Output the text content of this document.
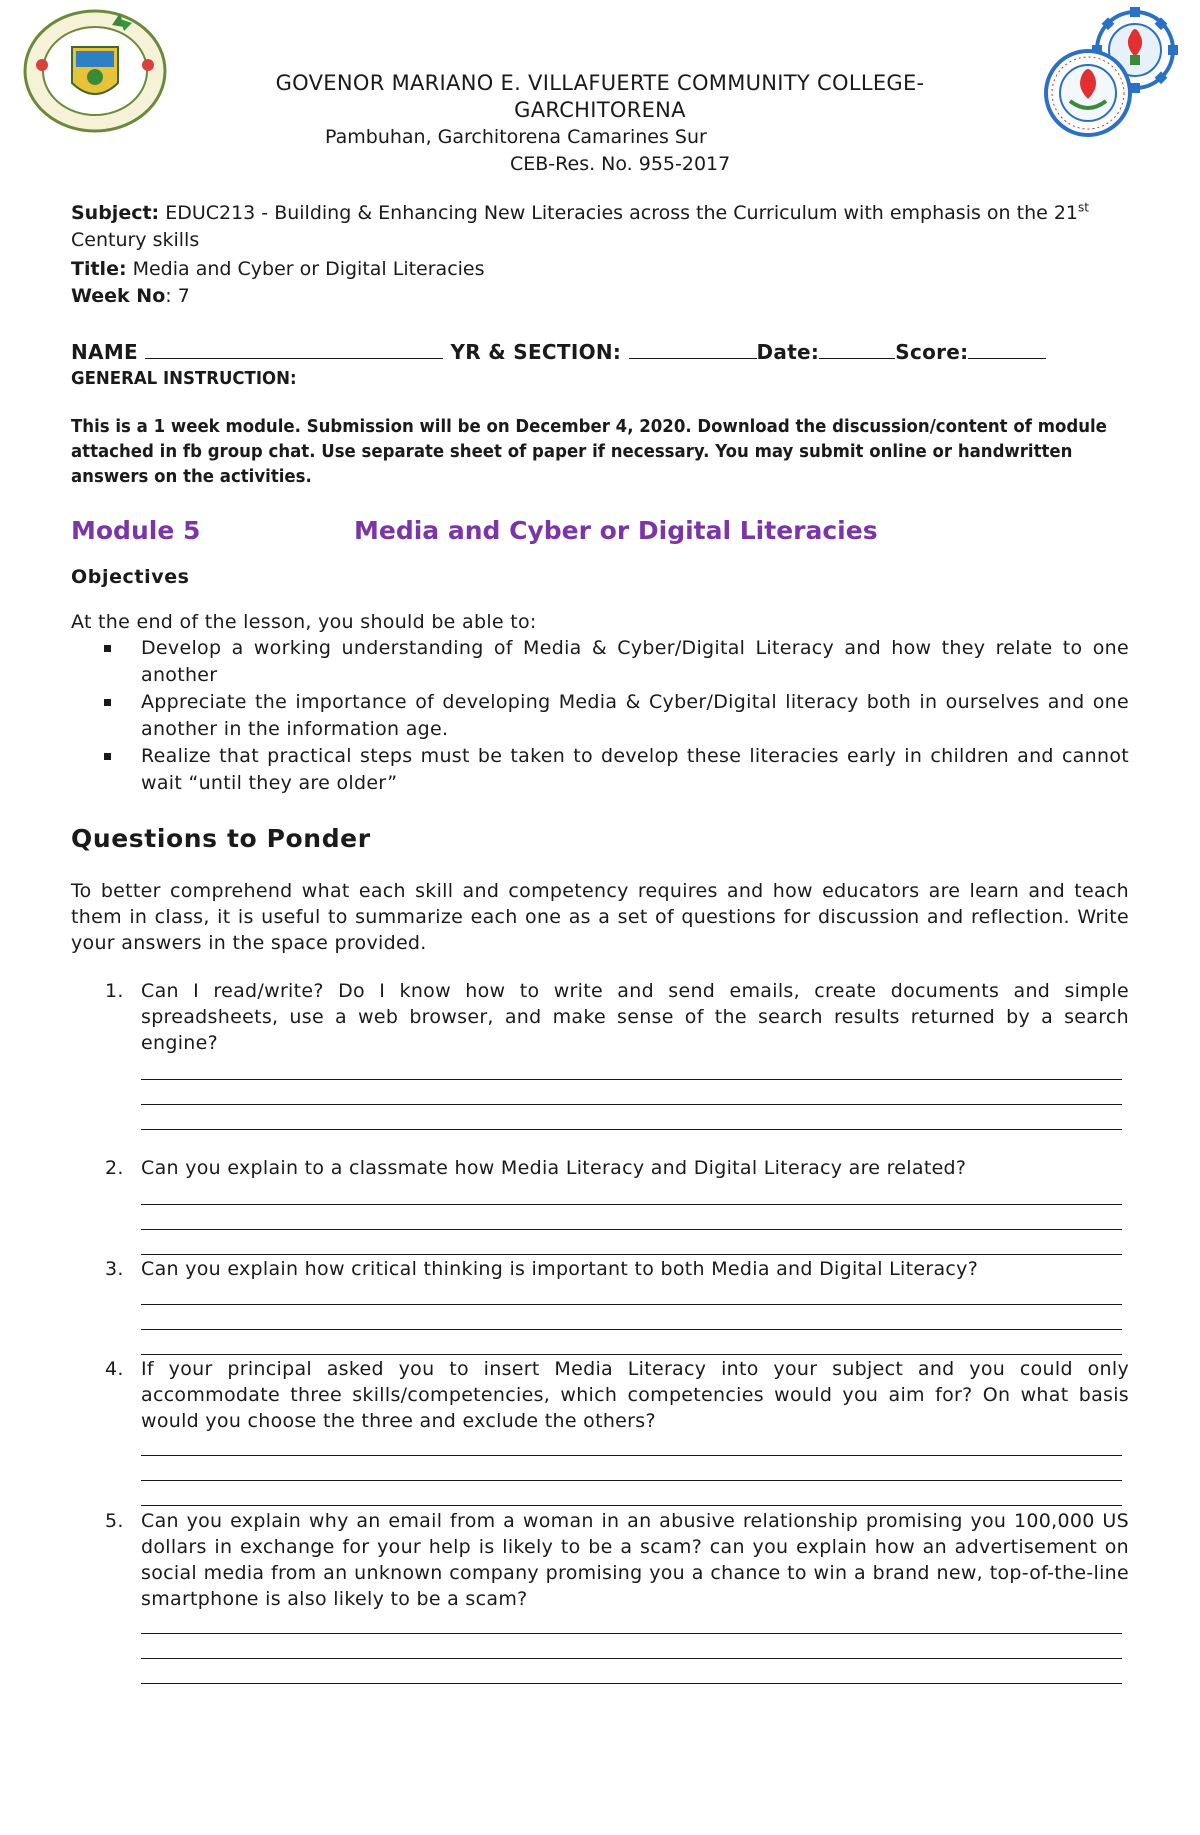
GOVENOR MARIANO E. VILLAFUERTE COMMUNITY COLLEGE-
GARCHITORENA
Pambuhan, Garchitorena Camarines Sur
CEB-Res. No. 955-2017
Subject: EDUC213 - Building & Enhancing New Literacies across the Curriculum with emphasis on the 21st Century skills
Title: Media and Cyber or Digital Literacies
Week No: 7
NAME	YR & SECTION:	Date:	Score:
GENERAL INSTRUCTION:
This is a 1 week module. Submission will be on December 4, 2020. Download the discussion/content of module attached in fb group chat. Use separate sheet of paper if necessary. You may submit online or handwritten answers on the activities.
Module 5	Media and Cyber or Digital Literacies
Objectives
At the end of the lesson, you should be able to:
Develop a working understanding of Media & Cyber/Digital Literacy and how they relate to one another
Appreciate the importance of developing Media & Cyber/Digital literacy both in ourselves and one another in the information age.
Realize that practical steps must be taken to develop these literacies early in children and cannot wait “until they are older”
Questions to Ponder
To better comprehend what each skill and competency requires and how educators are learn and teach them in class, it is useful to summarize each one as a set of questions for discussion and reflection. Write your answers in the space provided.
1. Can I read/write? Do I know how to write and send emails, create documents and simple spreadsheets, use a web browser, and make sense of the search results returned by a search engine?
2. Can you explain to a classmate how Media Literacy and Digital Literacy are related?
3. Can you explain how critical thinking is important to both Media and Digital Literacy?
4. If your principal asked you to insert Media Literacy into your subject and you could only accommodate three skills/competencies, which competencies would you aim for? On what basis would you choose the three and exclude the others?
5. Can you explain why an email from a woman in an abusive relationship promising you 100,000 US dollars in exchange for your help is likely to be a scam? can you explain how an advertisement on social media from an unknown company promising you a chance to win a brand new, top-of-the-line smartphone is also likely to be a scam?
